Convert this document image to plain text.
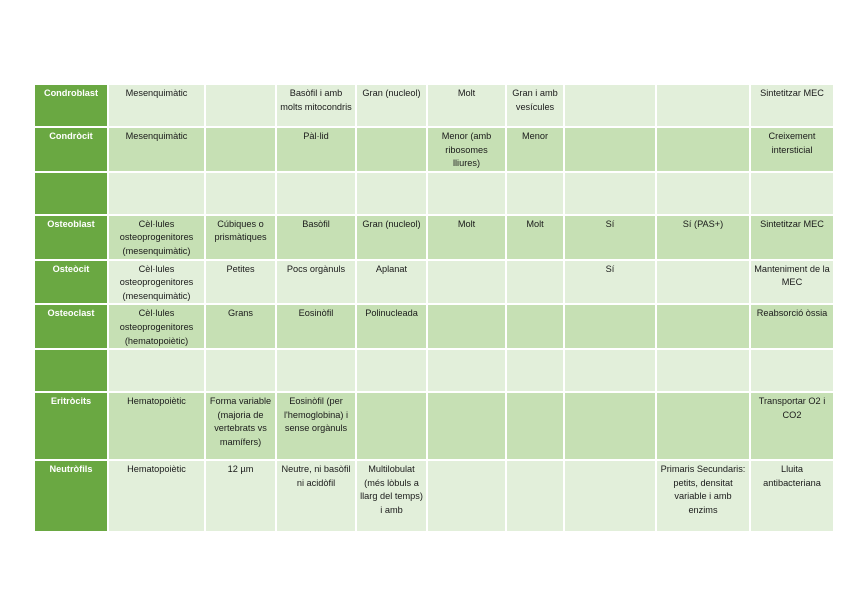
Condroblast	Mesenquimàtic		Basòfil i amb molts mitocondris	Gran (nucleol)	Molt	Gran i amb vesícules			Sintetitzar MEC
Condròcit	Mesenquimàtic		Pàl·lid		Menor (amb ribosomes lliures)	Menor			Creixement intersticial

Osteoblast	Cèl·lules osteoprogenitores (mesenquimàtic)	Cúbiques o prismàtiques	Basòfil	Gran (nucleol)	Molt	Molt	Sí	Sí (PAS+)	Sintetitzar MEC
Osteòcit	Cèl·lules osteoprogenitores (mesenquimàtic)	Petites	Pocs orgànuls	Aplanat			Sí		Manteniment de la MEC
Osteoclast	Cèl·lules osteoprogenitores (hematopoiètic)	Grans	Eosinòfil	Polinucleada					Reabsorció òssia

Eritròcits	Hematopoiètic	Forma variable (majoria de vertebrats vs mamífers)	Eosinòfil (per l'hemoglobina) i sense orgànuls						Transportar O2 i CO2
Neutròfils	Hematopoiètic	12 µm	Neutre, ni basòfil ni acidòfil	Multilobulat (més lòbuls a llarg del temps) i amb				Primaris Secundaris: petits, densitat variable i amb enzims	Lluita antibacteriana
